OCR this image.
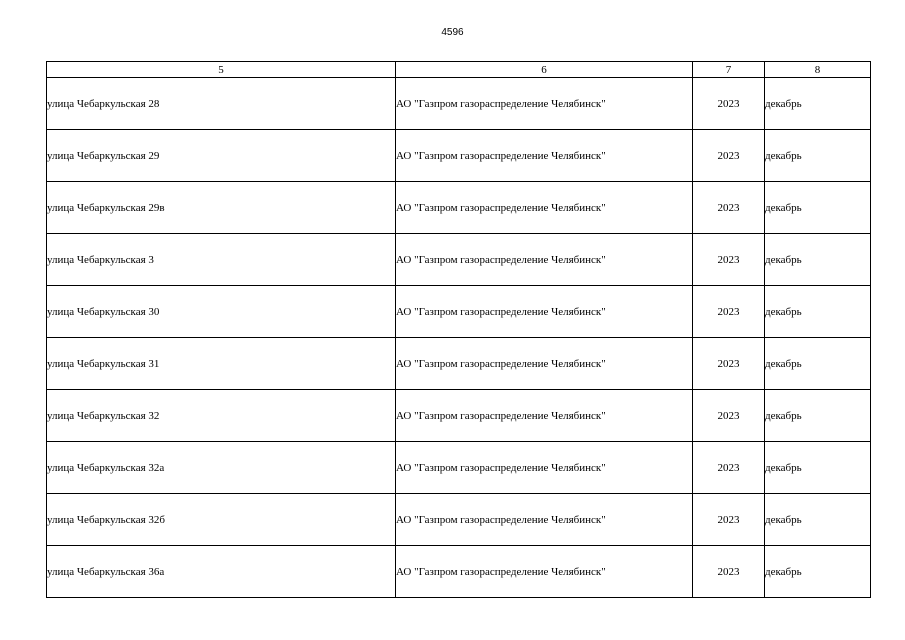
4596
5	6	7	8
улица Чебаркульская 28	АО "Газпром газораспределение Челябинск"	2023	декабрь
улица Чебаркульская 29	АО "Газпром газораспределение Челябинск"	2023	декабрь
улица Чебаркульская 29в	АО "Газпром газораспределение Челябинск"	2023	декабрь
улица Чебаркульская 3	АО "Газпром газораспределение Челябинск"	2023	декабрь
улица Чебаркульская 30	АО "Газпром газораспределение Челябинск"	2023	декабрь
улица Чебаркульская 31	АО "Газпром газораспределение Челябинск"	2023	декабрь
улица Чебаркульская 32	АО "Газпром газораспределение Челябинск"	2023	декабрь
улица Чебаркульская 32а	АО "Газпром газораспределение Челябинск"	2023	декабрь
улица Чебаркульская 32б	АО "Газпром газораспределение Челябинск"	2023	декабрь
улица Чебаркульская 36а	АО "Газпром газораспределение Челябинск"	2023	декабрь
